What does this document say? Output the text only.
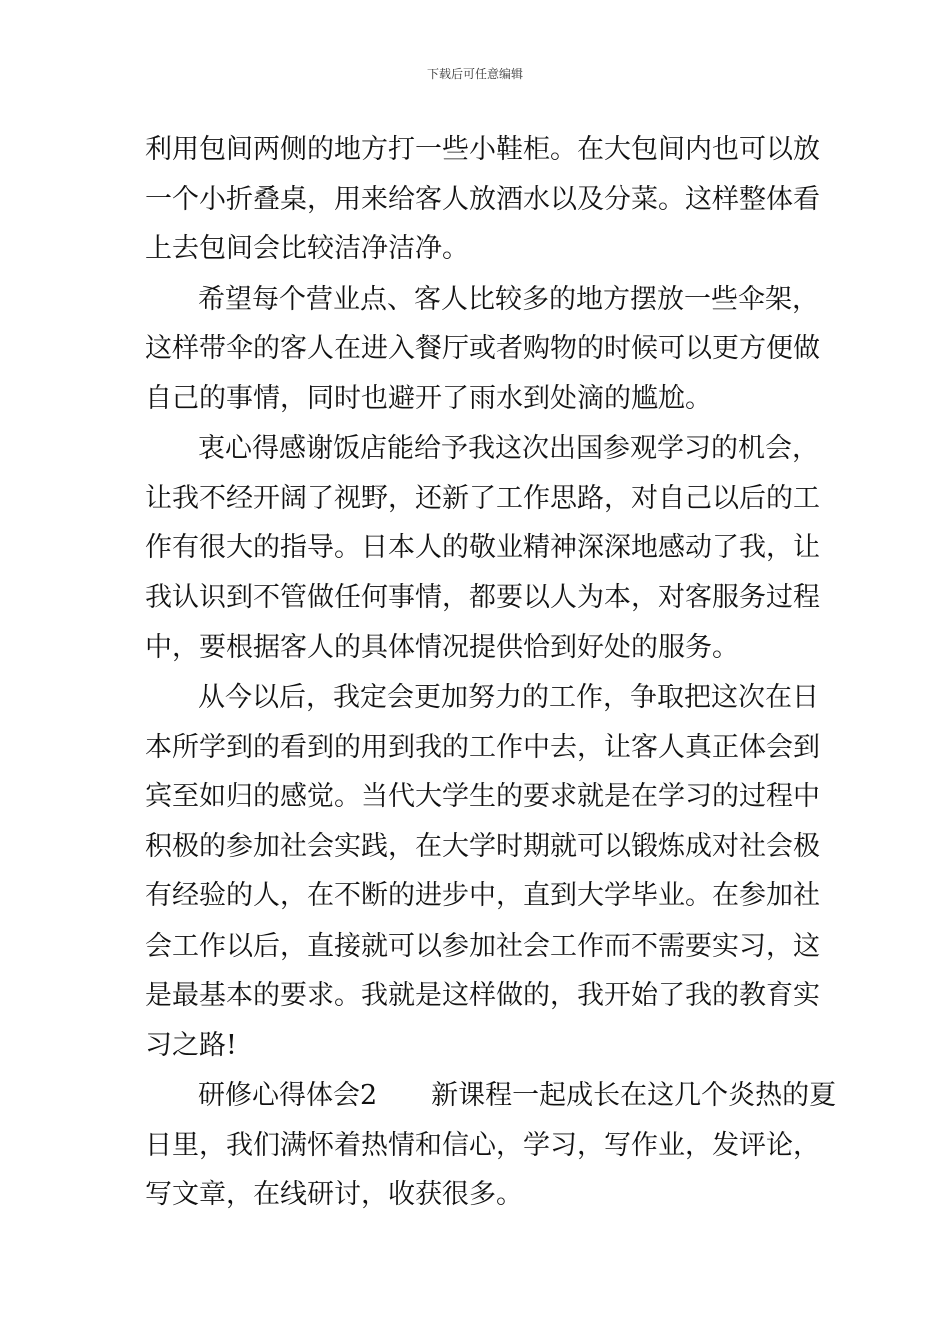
下载后可任意编辑
利用包间两侧的地方打一些小鞋柜。在大包间内也可以放
一个小折叠桌，用来给客人放酒水以及分菜。这样整体看
上去包间会比较洁净洁净。
希望每个营业点、客人比较多的地方摆放一些伞架，
这样带伞的客人在进入餐厅或者购物的时候可以更方便做
自己的事情，同时也避开了雨水到处滴的尴尬。
衷心得感谢饭店能给予我这次出国参观学习的机会，
让我不经开阔了视野，还新了工作思路，对自己以后的工
作有很大的指导。日本人的敬业精神深深地感动了我，让
我认识到不管做任何事情，都要以人为本，对客服务过程
中，要根据客人的具体情况提供恰到好处的服务。
从今以后，我定会更加努力的工作，争取把这次在日
本所学到的看到的用到我的工作中去，让客人真正体会到
宾至如归的感觉。当代大学生的要求就是在学习的过程中
积极的参加社会实践，在大学时期就可以锻炼成对社会极
有经验的人，在不断的进步中，直到大学毕业。在参加社
会工作以后，直接就可以参加社会工作而不需要实习，这
是最基本的要求。我就是这样做的，我开始了我的教育实
习之路!
研修心得体会2　　新课程一起成长在这几个炎热的夏
日里，我们满怀着热情和信心，学习，写作业，发评论，
写文章，在线研讨，收获很多。
